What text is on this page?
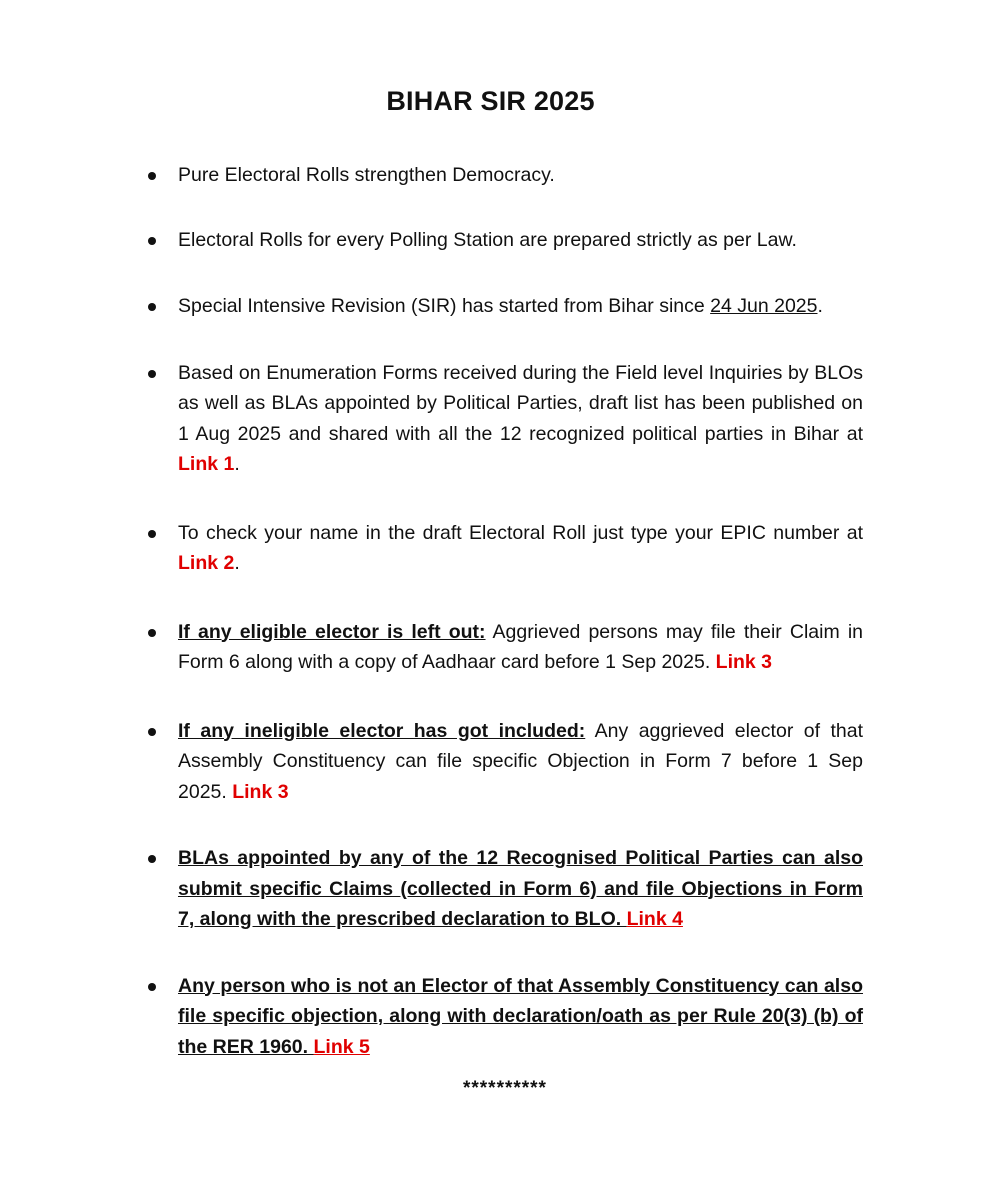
BIHAR SIR 2025
Pure Electoral Rolls strengthen Democracy.
Electoral Rolls for every Polling Station are prepared strictly as per Law.
Special Intensive Revision (SIR) has started from Bihar since 24 Jun 2025.
Based on Enumeration Forms received during the Field level Inquiries by BLOs as well as BLAs appointed by Political Parties, draft list has been published on 1 Aug 2025 and shared with all the 12 recognized political parties in Bihar at Link 1.
To check your name in the draft Electoral Roll just type your EPIC number at Link 2.
If any eligible elector is left out: Aggrieved persons may file their Claim in Form 6 along with a copy of Aadhaar card before 1 Sep 2025. Link 3
If any ineligible elector has got included: Any aggrieved elector of that Assembly Constituency can file specific Objection in Form 7 before 1 Sep 2025. Link 3
BLAs appointed by any of the 12 Recognised Political Parties can also submit specific Claims (collected in Form 6) and file Objections in Form 7, along with the prescribed declaration to BLO. Link 4
Any person who is not an Elector of that Assembly Constituency can also file specific objection, along with declaration/oath as per Rule 20(3) (b) of the RER 1960. Link 5
**********
